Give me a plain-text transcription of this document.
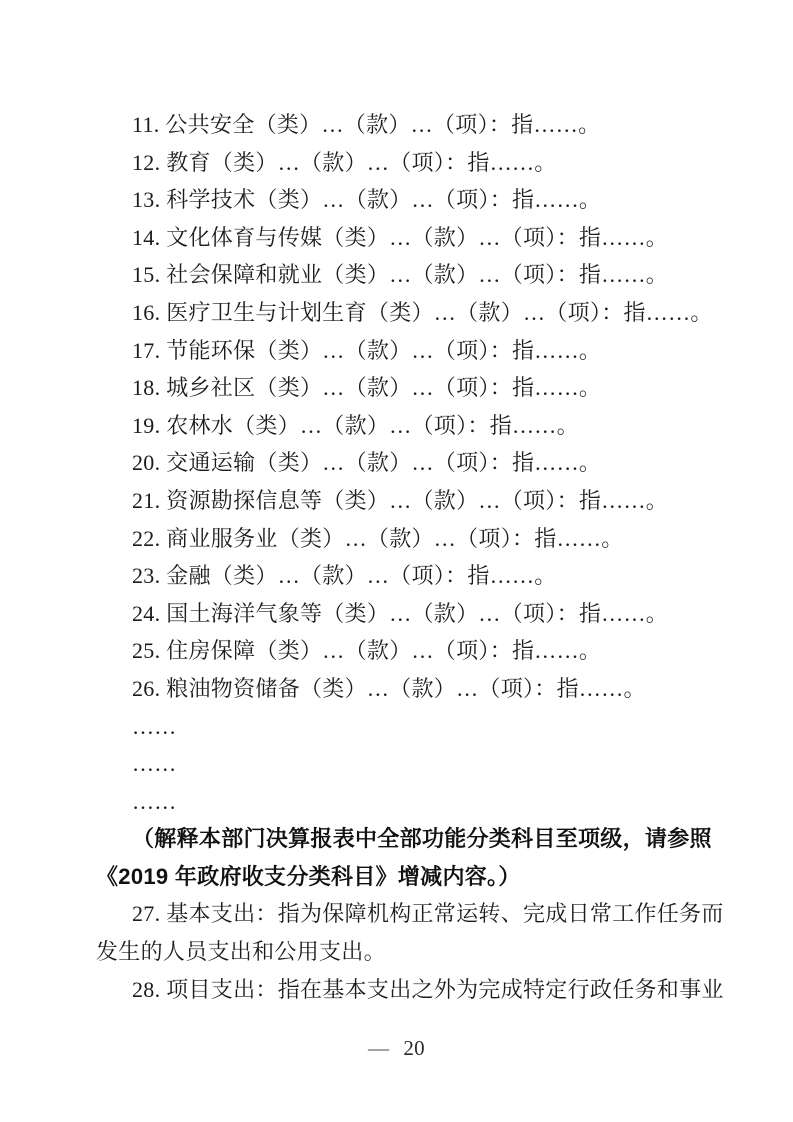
11. 公共安全（类）…（款）…（项）：指……。
12. 教育（类）…（款）…（项）：指……。
13. 科学技术（类）…（款）…（项）：指……。
14. 文化体育与传媒（类）…（款）…（项）：指……。
15. 社会保障和就业（类）…（款）…（项）：指……。
16. 医疗卫生与计划生育（类）…（款）…（项）：指……。
17. 节能环保（类）…（款）…（项）：指……。
18. 城乡社区（类）…（款）…（项）：指……。
19. 农林水（类）…（款）…（项）：指……。
20. 交通运输（类）…（款）…（项）：指……。
21. 资源勘探信息等（类）…（款）…（项）：指……。
22. 商业服务业（类）…（款）…（项）：指……。
23. 金融（类）…（款）…（项）：指……。
24. 国土海洋气象等（类）…（款）…（项）：指……。
25. 住房保障（类）…（款）…（项）：指……。
26. 粮油物资储备（类）…（款）…（项）：指……。
……
……
……
（解释本部门决算报表中全部功能分类科目至项级，请参照
《2019 年政府收支分类科目》增减内容。）
27. 基本支出：指为保障机构正常运转、完成日常工作任务而
发生的人员支出和公用支出。
28. 项目支出：指在基本支出之外为完成特定行政任务和事业
— 20
